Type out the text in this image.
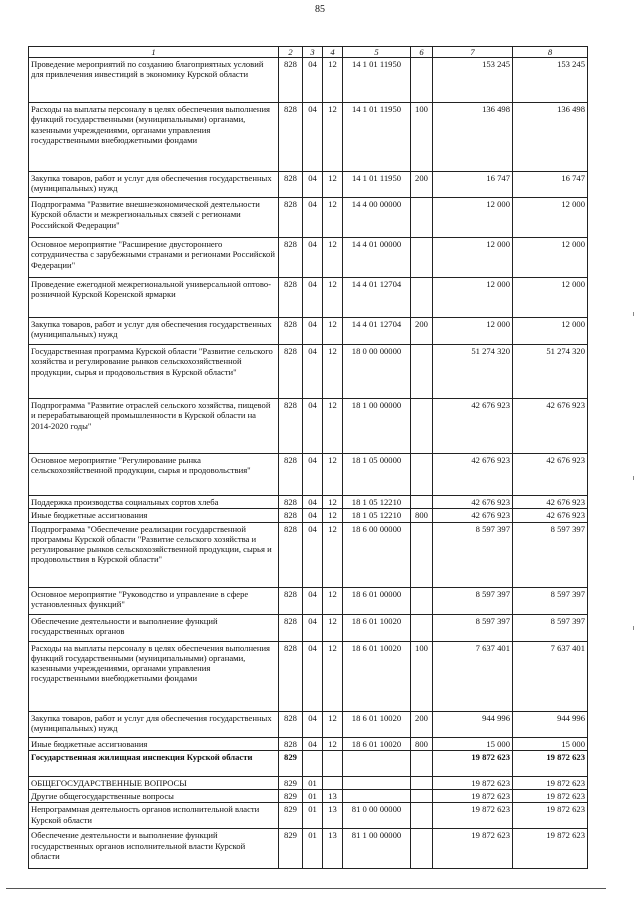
85
1	2	3	4	5	6	7	8
Проведение мероприятий по созданию благоприятных условий для привлечения инвестиций в экономику Курской области	828	04	12	14 1 01 11950		153 245	153 245
Расходы на выплаты персоналу в целях обеспечения выполнения функций государственными (муниципальными) органами, казенными учреждениями, органами управления государственными внебюджетными фондами	828	04	12	14 1 01 11950	100	136 498	136 498
Закупка товаров, работ и услуг для обеспечения государственных (муниципальных) нужд	828	04	12	14 1 01 11950	200	16 747	16 747
Подпрограмма "Развитие внешнеэкономической деятельности Курской области и межрегиональных связей с регионами Российской Федерации"	828	04	12	14 4 00 00000		12 000	12 000
Основное мероприятие "Расширение двустороннего сотрудничества с зарубежными странами и регионами Российской Федерации"	828	04	12	14 4 01 00000		12 000	12 000
Проведение ежегодной межрегиональной универсальной оптово-розничной Курской Коренской ярмарки	828	04	12	14 4 01 12704		12 000	12 000
Закупка товаров, работ и услуг для обеспечения государственных (муниципальных) нужд	828	04	12	14 4 01 12704	200	12 000	12 000
Государственная программа Курской области "Развитие сельского хозяйства и регулирование рынков сельскохозяйственной продукции, сырья и продовольствия в Курской области"	828	04	12	18 0 00 00000		51 274 320	51 274 320
Подпрограмма "Развитие отраслей сельского хозяйства, пищевой и перерабатывающей промышленности в Курской области на 2014-2020 годы"	828	04	12	18 1 00 00000		42 676 923	42 676 923
Основное мероприятие "Регулирование рынка сельскохозяйственной продукции, сырья и продовольствия"	828	04	12	18 1 05 00000		42 676 923	42 676 923
Поддержка производства социальных сортов хлеба	828	04	12	18 1 05 12210		42 676 923	42 676 923
Иные бюджетные ассигнования	828	04	12	18 1 05 12210	800	42 676 923	42 676 923
Подпрограмма "Обеспечение реализации государственной программы Курской области "Развитие сельского хозяйства и регулирование рынков сельскохозяйственной продукции, сырья и продовольствия в Курской области"	828	04	12	18 6 00 00000		8 597 397	8 597 397
Основное мероприятие "Руководство и управление в сфере установленных функций"	828	04	12	18 6 01 00000		8 597 397	8 597 397
Обеспечение деятельности и выполнение функций государственных органов	828	04	12	18 6 01 10020		8 597 397	8 597 397
Расходы на выплаты персоналу в целях обеспечения выполнения функций государственными (муниципальными) органами, казенными учреждениями, органами управления государственными внебюджетными фондами	828	04	12	18 6 01 10020	100	7 637 401	7 637 401
Закупка товаров, работ и услуг для обеспечения государственных (муниципальных) нужд	828	04	12	18 6 01 10020	200	944 996	944 996
Иные бюджетные ассигнования	828	04	12	18 6 01 10020	800	15 000	15 000
Государственная жилищная инспекция Курской области	829					19 872 623	19 872 623
ОБЩЕГОСУДАРСТВЕННЫЕ ВОПРОСЫ	829	01				19 872 623	19 872 623
Другие общегосударственные вопросы	829	01	13			19 872 623	19 872 623
Непрограммная деятельность органов исполнительной власти Курской области	829	01	13	81 0 00 00000		19 872 623	19 872 623
Обеспечение деятельности и выполнение функций государственных органов исполнительной власти Курской области	829	01	13	81 1 00 00000		19 872 623	19 872 623
